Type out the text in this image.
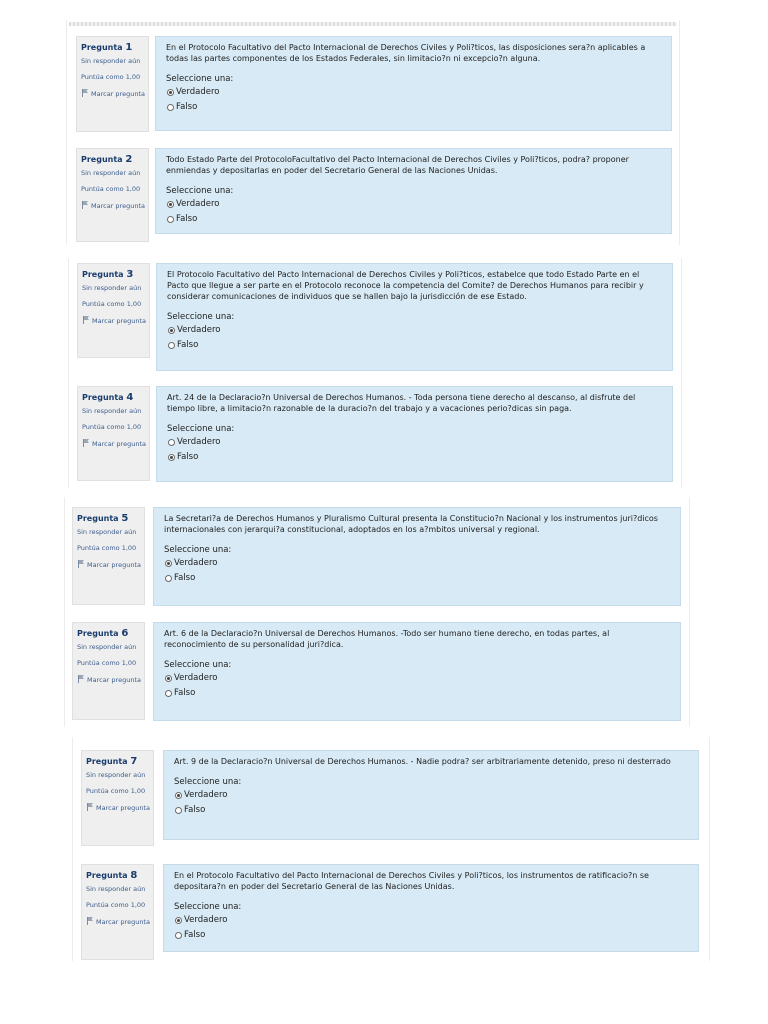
Pregunta 1
Sin responder aún
Puntúa como 1,00
Marcar pregunta

En el Protocolo Facultativo del Pacto Internacional de Derechos Civiles y Poli?ticos, las disposiciones sera?n aplicables a todas las partes componentes de los Estados Federales, sin limitacio?n ni excepcio?n alguna.

Seleccione una:
Verdadero
Falso
Pregunta 2
Sin responder aún
Puntúa como 1,00
Marcar pregunta

Todo Estado Parte del ProtocoloFacultativo del Pacto Internacional de Derechos Civiles y Poli?ticos, podra? proponer enmiendas y depositarlas en poder del Secretario General de las Naciones Unidas.

Seleccione una:
Verdadero
Falso
Pregunta 3
Sin responder aún
Puntúa como 1,00
Marcar pregunta

El Protocolo Facultativo del Pacto Internacional de Derechos Civiles y Poli?ticos, estabelce que todo Estado Parte en el Pacto que llegue a ser parte en el Protocolo reconoce la competencia del Comite? de Derechos Humanos para recibir y considerar comunicaciones de individuos que se hallen bajo la jurisdicción de ese Estado.

Seleccione una:
Verdadero
Falso
Pregunta 4
Sin responder aún
Puntúa como 1,00
Marcar pregunta

Art. 24 de la Declaracio?n Universal de Derechos Humanos. - Toda persona tiene derecho al descanso, al disfrute del tiempo libre, a limitacio?n razonable de la duracio?n del trabajo y a vacaciones perio?dicas sin paga.

Seleccione una:
Verdadero
Falso
Pregunta 5
Sin responder aún
Puntúa como 1,00
Marcar pregunta

La Secretari?a de Derechos Humanos y Pluralismo Cultural presenta la Constitucio?n Nacional y los instrumentos juri?dicos internacionales con jerarqui?a constitucional, adoptados en los a?mbitos universal y regional.

Seleccione una:
Verdadero
Falso
Pregunta 6
Sin responder aún
Puntúa como 1,00
Marcar pregunta

Art. 6 de la Declaracio?n Universal de Derechos Humanos. -Todo ser humano tiene derecho, en todas partes, al reconocimiento de su personalidad juri?dica.

Seleccione una:
Verdadero
Falso
Pregunta 7
Sin responder aún
Puntúa como 1,00
Marcar pregunta

Art. 9 de la Declaracio?n Universal de Derechos Humanos. - Nadie podra? ser arbitrariamente detenido, preso ni desterrado

Seleccione una:
Verdadero
Falso
Pregunta 8
Sin responder aún
Puntúa como 1,00
Marcar pregunta

En el Protocolo Facultativo del Pacto Internacional de Derechos Civiles y Poli?ticos, los instrumentos de ratificacio?n se depositara?n en poder del Secretario General de las Naciones Unidas.

Seleccione una:
Verdadero
Falso
